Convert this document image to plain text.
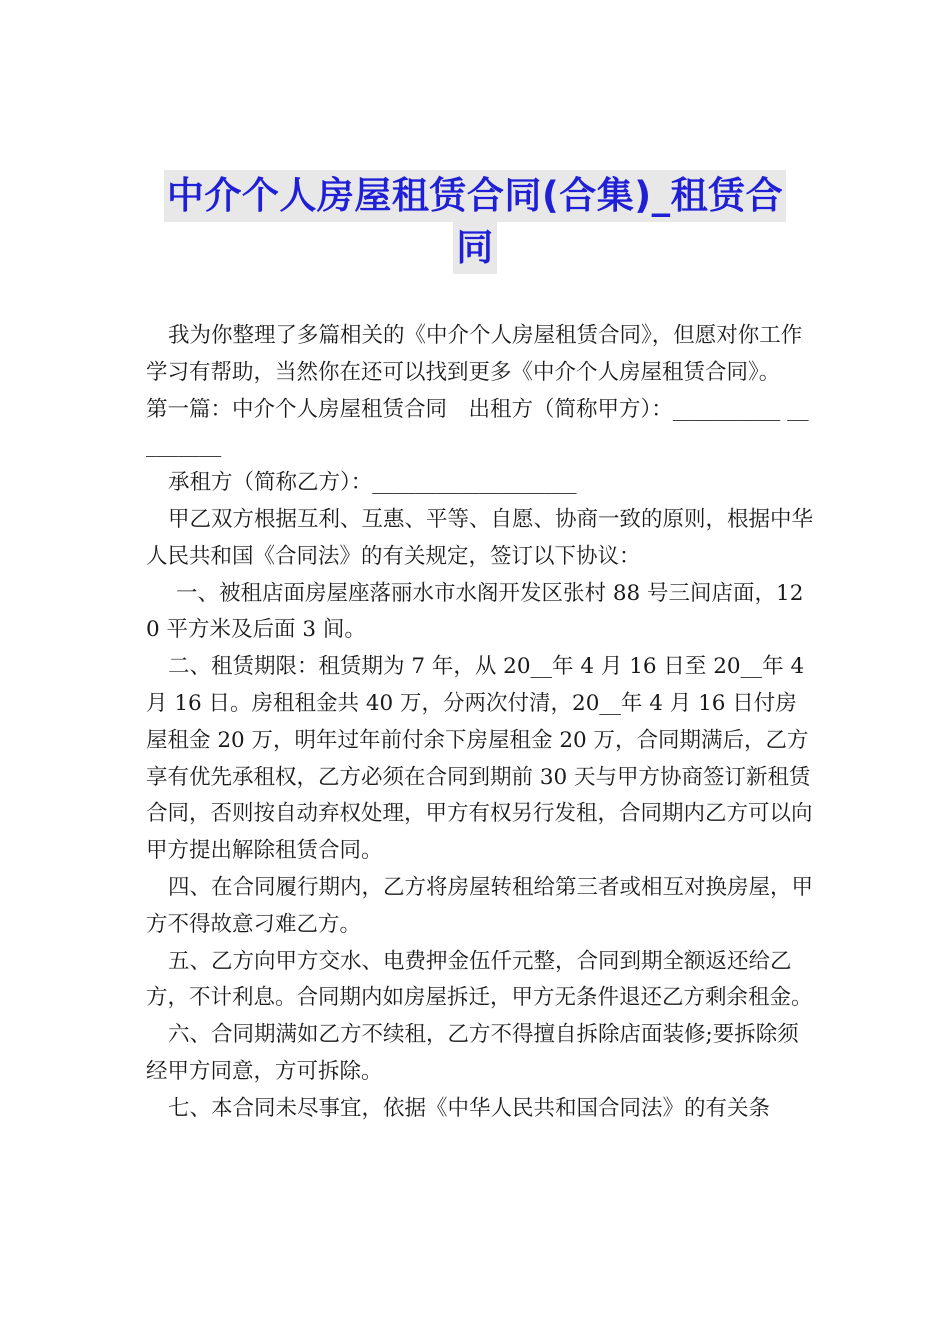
中介个人房屋租赁合同(合集)_租赁合
同

我为你整理了多篇相关的《中介个人房屋租赁合同》，但愿对你工作学习有帮助，当然你在还可以找到更多《中介个人房屋租赁合同》。

第一篇：中介个人房屋租赁合同　出租方（简称甲方）：__________ _________

承租方（简称乙方）：___________________

甲乙双方根据互利、互惠、平等、自愿、协商一致的原则，根据中华人民共和国《合同法》的有关规定，签订以下协议：

一、被租店面房屋座落丽水市水阁开发区张村 88 号三间店面，120 平方米及后面 3 间。

二、租赁期限：租赁期为 7 年，从 20__年 4 月 16 日至 20__年 4 月 16 日。房租租金共 40 万，分两次付清，20__年 4 月 16 日付房屋租金 20 万，明年过年前付余下房屋租金 20 万，合同期满后，乙方享有优先承租权，乙方必须在合同到期前 30 天与甲方协商签订新租赁合同，否则按自动弃权处理，甲方有权另行发租，合同期内乙方可以向甲方提出解除租赁合同。

四、在合同履行期内，乙方将房屋转租给第三者或相互对换房屋，甲方不得故意刁难乙方。

五、乙方向甲方交水、电费押金伍仟元整，合同到期全额返还给乙方，不计利息。合同期内如房屋拆迁，甲方无条件退还乙方剩余租金。

六、合同期满如乙方不续租，乙方不得擅自拆除店面装修;要拆除须经甲方同意，方可拆除。

七、本合同未尽事宜，依据《中华人民共和国合同法》的有关条
